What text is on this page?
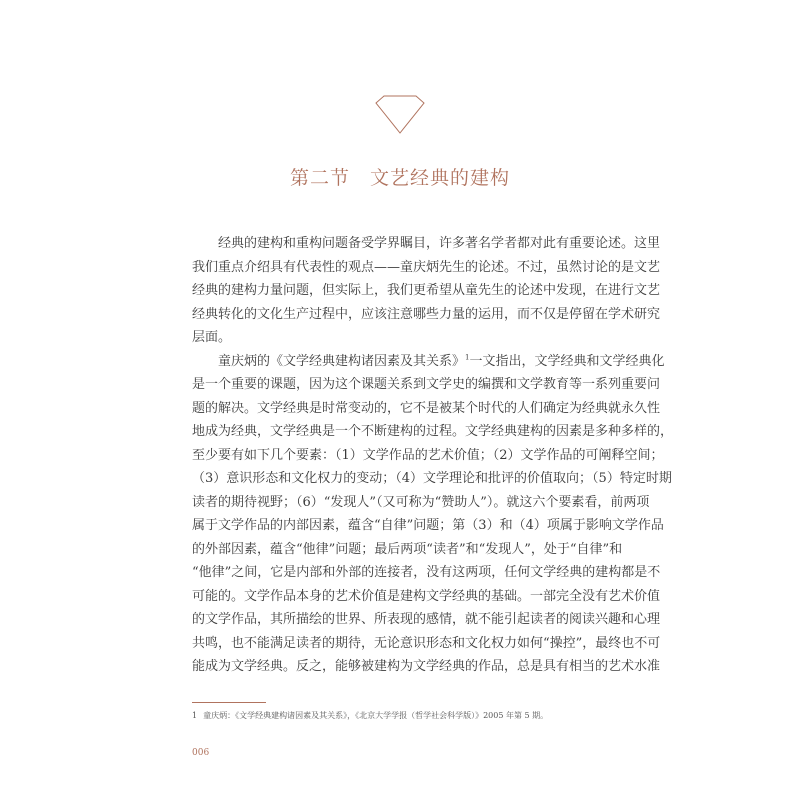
第二节　文艺经典的建构
经典的建构和重构问题备受学界瞩目，许多著名学者都对此有重要论述。这里
我们重点介绍具有代表性的观点——童庆炳先生的论述。不过，虽然讨论的是文艺
经典的建构力量问题，但实际上，我们更希望从童先生的论述中发现，在进行文艺
经典转化的文化生产过程中，应该注意哪些力量的运用，而不仅是停留在学术研究
层面。
童庆炳的《文学经典建构诸因素及其关系》$^1$一文指出，文学经典和文学经典化
是一个重要的课题，因为这个课题关系到文学史的编撰和文学教育等一系列重要问
题的解决。文学经典是时常变动的，它不是被某个时代的人们确定为经典就永久性
地成为经典，文学经典是一个不断建构的过程。文学经典建构的因素是多种多样的，
至少要有如下几个要素：（1）文学作品的艺术价值；（2）文学作品的可阐释空间；
（3）意识形态和文化权力的变动；（4）文学理论和批评的价值取向；（5）特定时期
读者的期待视野；（6）“发现人”（又可称为“赞助人”）。就这六个要素看，前两项
属于文学作品的内部因素，蕴含“自律”问题；第（3）和（4）项属于影响文学作品
的外部因素，蕴含“他律”问题；最后两项“读者”和“发现人”，处于“自律”和
“他律”之间，它是内部和外部的连接者，没有这两项，任何文学经典的建构都是不
可能的。文学作品本身的艺术价值是建构文学经典的基础。一部完全没有艺术价值
的文学作品，其所描绘的世界、所表现的感情，就不能引起读者的阅读兴趣和心理
共鸣，也不能满足读者的期待，无论意识形态和文化权力如何“操控”，最终也不可
能成为文学经典。反之，能够被建构为文学经典的作品，总是具有相当的艺术水准
1 童庆炳：《文学经典建构诸因素及其关系》，《北京大学学报（哲学社会科学版）》2005 年第 5 期。
006
